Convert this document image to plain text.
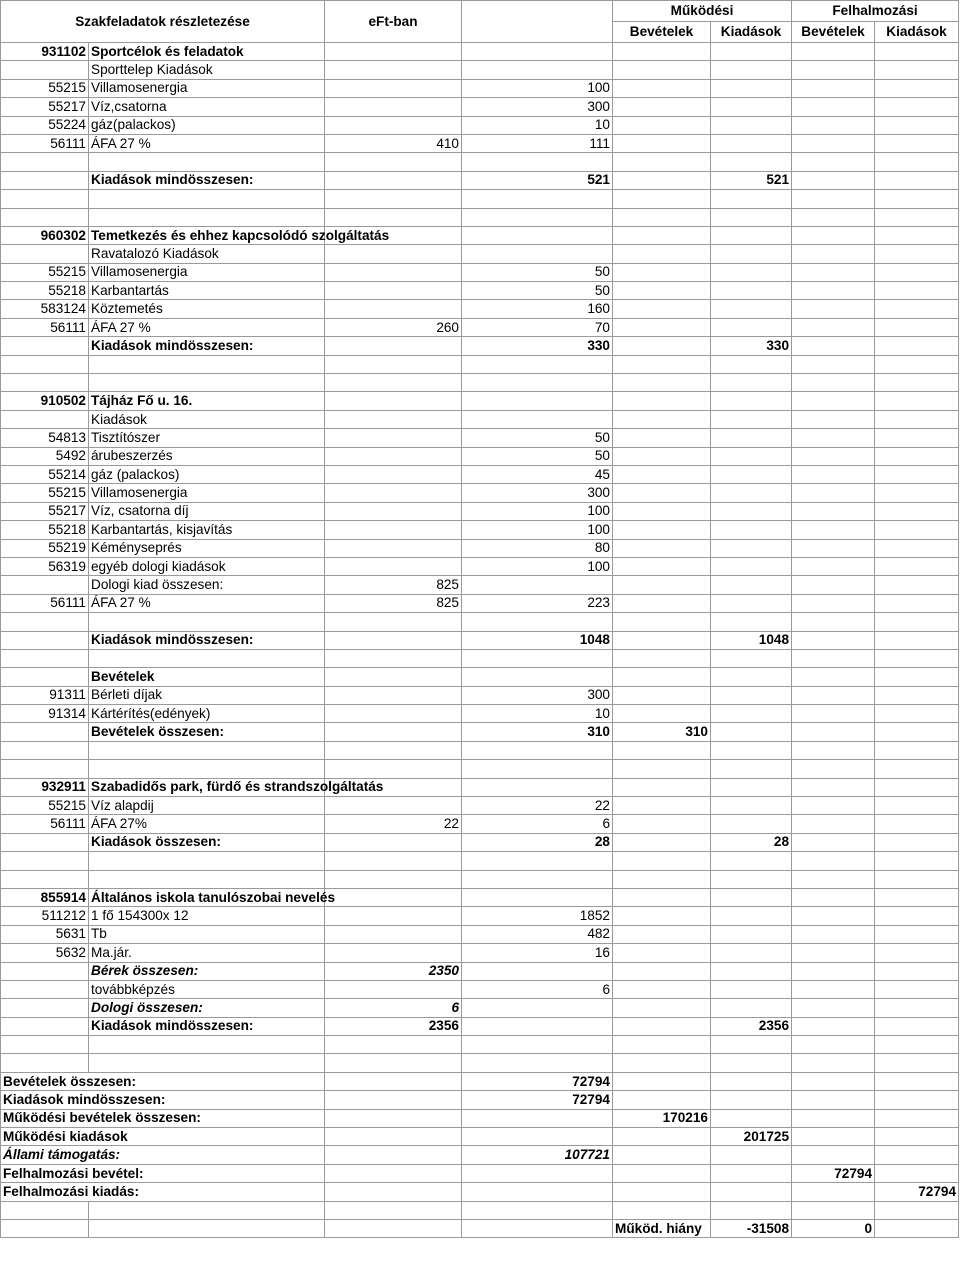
Szakfeladatok részletezése		eFt-ban		Működési		Felhalmozási	
				Bevételek	Kiadások	Bevételek	Kiadások
931102	Sportcélok és feladatok						
	Sporttelep Kiadások						
55215	Villamosenergia		100				
55217	Víz,csatorna		300				
55224	gáz(palackos)		10				
56111	ÁFA 27 %	410	111				

	Kiadások mindösszesen:		521		521		

960302	Temetkezés és ehhez kapcsolódó szolgáltatás						
	Ravatalozó Kiadások						
55215	Villamosenergia		50				
55218	Karbantartás		50				
583124	Köztemetés		160				
56111	ÁFA 27 %	260	70				
	Kiadások mindösszesen:		330		330		

910502	Tájház Fő u. 16.						
	Kiadások						
54813	Tisztítószer		50				
5492	árubeszerzés		50				
55214	gáz (palackos)		45				
55215	Villamosenergia		300				
55217	Víz, csatorna díj		100				
55218	Karbantartás, kisjavítás		100				
55219	Kéményseprés		80				
56319	egyéb dologi kiadások		100				
	Dologi kiad összesen:	825					
56111	ÁFA 27 %	825	223				

	Kiadások mindösszesen:		1048		1048		

	Bevételek						
91311	Bérleti díjak		300				
91314	Kártérítés(edények)		10				
	Bevételek összesen:		310	310			

932911	Szabadidős park, fürdő és strandszolgáltatás						
55215	Víz alapdij		22				
56111	ÁFA 27%	22	6				
	Kiadások összesen:		28		28		

855914	Általános iskola tanulószobai nevelés						
511212	1 fő 154300x 12		1852				
5631	Tb		482				
5632	Ma.jár.		16				
	Bérek összesen:	2350					
	továbbképzés		6				
	Dologi összesen:	6					
	Kiadások mindösszesen:	2356			2356		

Bevételek összesen:			72794				
Kiadások mindösszesen:			72794				
Működési bevételek összesen:				170216			
Működési kiadások					201725		
Állami támogatás:			107721				
Felhalmozási bevétel:						72794	
Felhalmozási kiadás:							72794

				Működ. hiány	-31508	0	
